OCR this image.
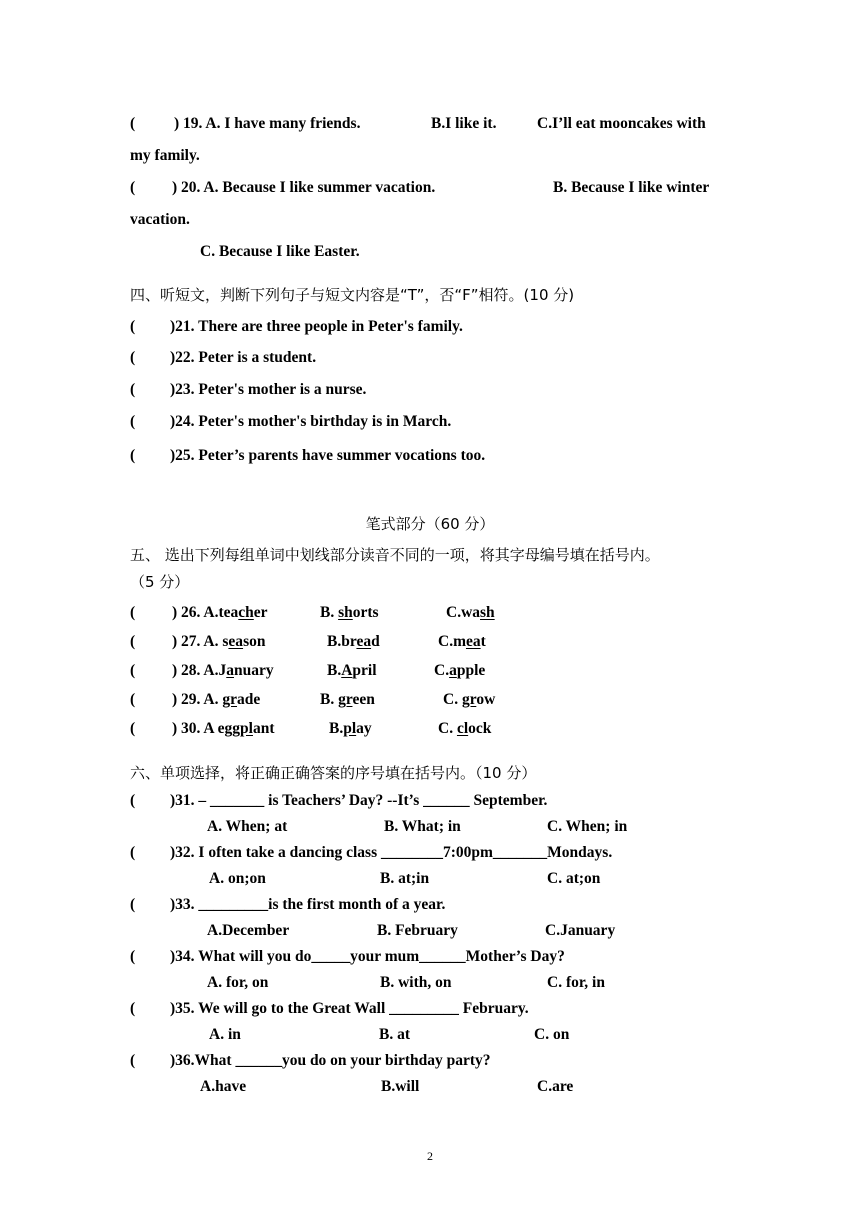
(	) 19. A. I have many friends.	B.I like it.	C.I’ll eat mooncakes with
my family.
( ) 20. A. Because I like summer vacation.	B. Because I like winter
vacation.
C. Because I like Easter.
四、听短文，判断下列句子与短文内容是“T”，否“F”相符。(10 分)
( )21. There are three people in Peter's family.
( )22. Peter is a student.
( )23. Peter's mother is a nurse.
( )24. Peter's mother's birthday is in March.
( )25. Peter’s parents have summer vocations too.
笔式部分（60 分）
五、 选出下列每组单词中划线部分读音不同的一项，将其字母编号填在括号内。
（5 分）
( ) 26. A.teacher	B. shorts	C.wash
( ) 27. A. season	B.bread	C.meat
( ) 28. A.January	B.April	C.apple
( ) 29. A. grade	B. green	C. grow
( ) 30. A eggplant	B.play	C. clock
六、单项选择，将正确正确答案的序号填在括号内。（10 分）
( )31. – _______ is Teachers’ Day? --It’s ______ September.
A. When; at	B. What; in	C. When; in
( )32. I often take a dancing class ________7:00pm_______Mondays.
A. on;on	B. at;in	C. at;on
( )33. _________is the first month of a year.
A.December	B. February	C.January
( )34. What will you do_____your mum______Mother’s Day?
A. for, on	B. with, on	C. for, in
( )35. We will go to the Great Wall _________ February.
A. in	B. at	C. on
( )36.What ______you do on your birthday party?
A.have	B.will	C.are
2
